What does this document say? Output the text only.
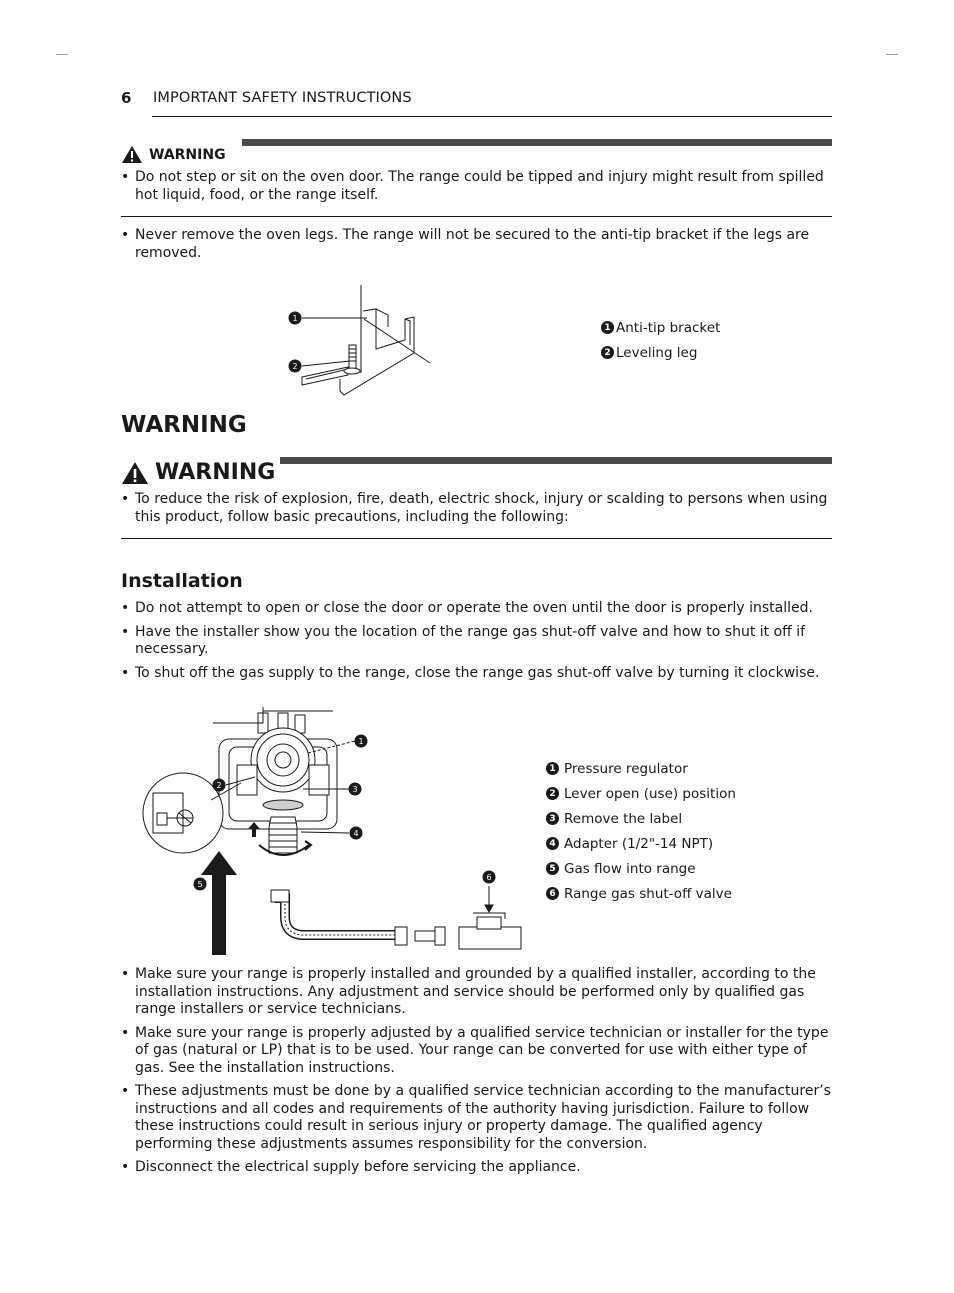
6 IMPORTANT SAFETY INSTRUCTIONS
WARNING
• Do not step or sit on the oven door. The range could be tipped and injury might result from spilled hot liquid, food, or the range itself.
• Never remove the oven legs. The range will not be secured to the anti-tip bracket if the legs are removed.
1
2
1 Anti-tip bracket
2 Leveling leg
WARNING
WARNING
• To reduce the risk of explosion, fire, death, electric shock, injury or scalding to persons when using this product, follow basic precautions, including the following:
Installation
• Do not attempt to open or close the door or operate the oven until the door is properly installed.
• Have the installer show you the location of the range gas shut-off valve and how to shut it off if necessary.
• To shut off the gas supply to the range, close the range gas shut-off valve by turning it clockwise.
1
2	3
4
5
6
1 Pressure regulator
2 Lever open (use) position
3 Remove the label
4 Adapter (1/2"-14 NPT)
5 Gas flow into range
6 Range gas shut-off valve
• Make sure your range is properly installed and grounded by a qualified installer, according to the installation instructions. Any adjustment and service should be performed only by qualified gas range installers or service technicians.
• Make sure your range is properly adjusted by a qualified service technician or installer for the type of gas (natural or LP) that is to be used. Your range can be converted for use with either type of gas. See the installation instructions.
• These adjustments must be done by a qualified service technician according to the manufacturer’s instructions and all codes and requirements of the authority having jurisdiction. Failure to follow these instructions could result in serious injury or property damage. The qualified agency performing these adjustments assumes responsibility for the conversion.
• Disconnect the electrical supply before servicing the appliance.
